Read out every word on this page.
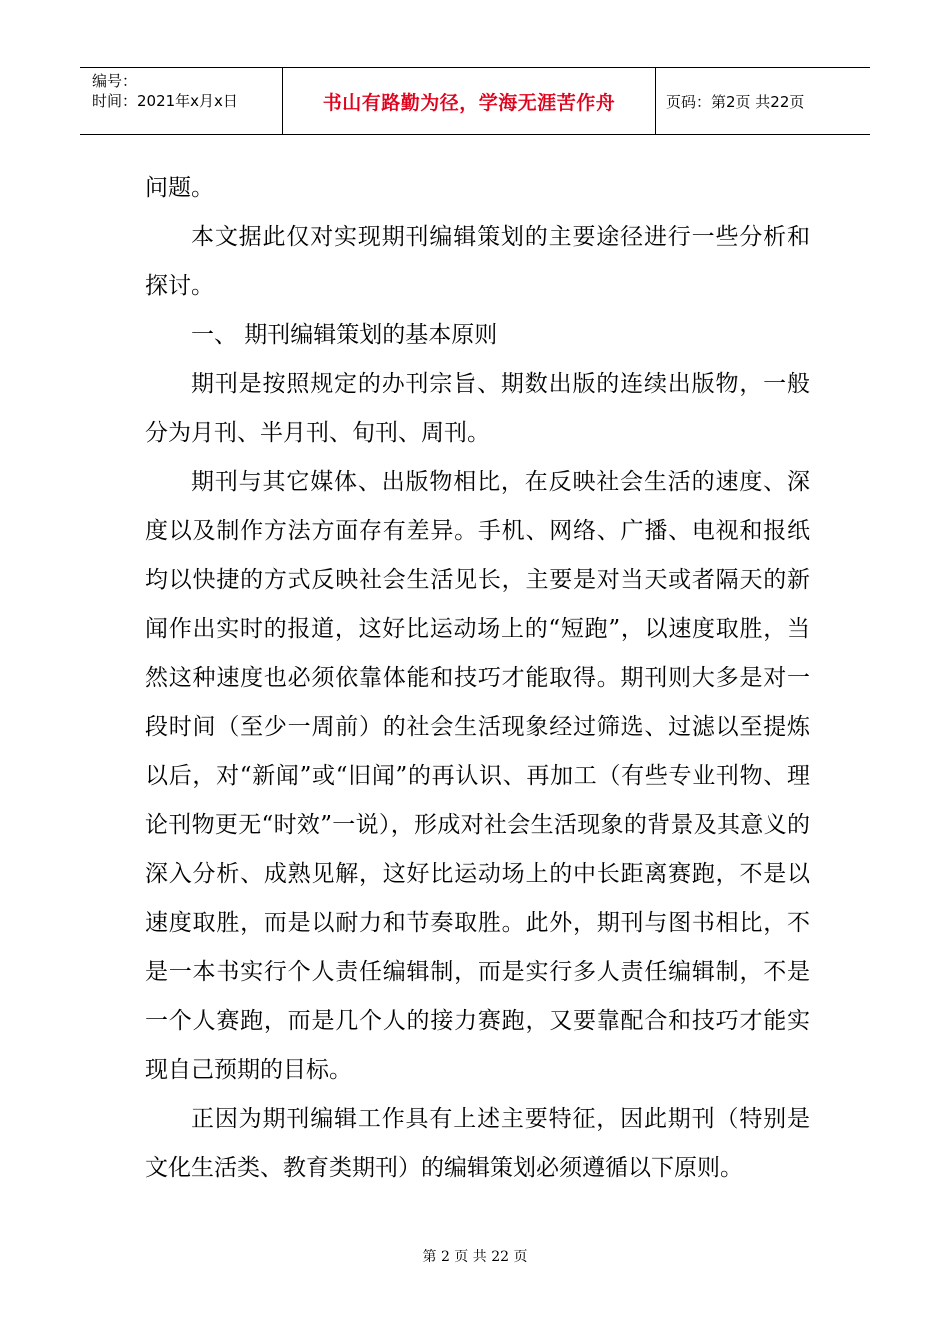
编号：
时间：2021年x月x日	书山有路勤为径，学海无涯苦作舟	页码：第2页 共22页

问题。

本文据此仅对实现期刊编辑策划的主要途径进行一些分析和探讨。

一、 期刊编辑策划的基本原则

期刊是按照规定的办刊宗旨、期数出版的连续出版物，一般分为月刊、半月刊、旬刊、周刊。

期刊与其它媒体、出版物相比，在反映社会生活的速度、深度以及制作方法方面存有差异。手机、网络、广播、电视和报纸均以快捷的方式反映社会生活见长，主要是对当天或者隔天的新闻作出实时的报道，这好比运动场上的“短跑”，以速度取胜，当然这种速度也必须依靠体能和技巧才能取得。期刊则大多是对一段时间（至少一周前）的社会生活现象经过筛选、过滤以至提炼以后，对“新闻”或“旧闻”的再认识、再加工（有些专业刊物、理论刊物更无“时效”一说），形成对社会生活现象的背景及其意义的深入分析、成熟见解，这好比运动场上的中长距离赛跑，不是以速度取胜，而是以耐力和节奏取胜。此外，期刊与图书相比，不是一本书实行个人责任编辑制，而是实行多人责任编辑制，不是一个人赛跑，而是几个人的接力赛跑，又要靠配合和技巧才能实现自己预期的目标。

正因为期刊编辑工作具有上述主要特征，因此期刊（特别是文化生活类、教育类期刊）的编辑策划必须遵循以下原则。

第 2 页 共 22 页
